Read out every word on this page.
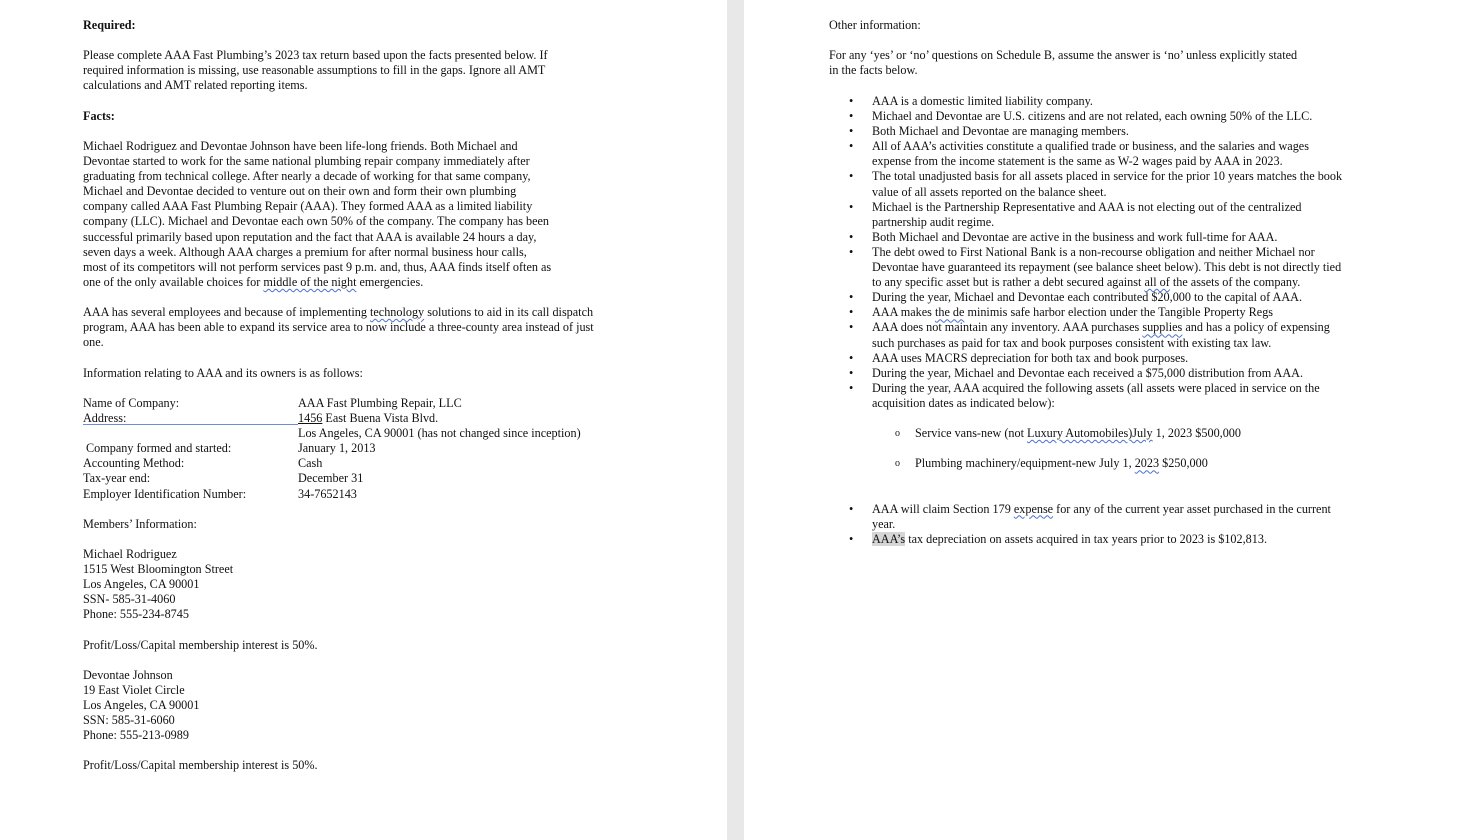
Required:
Please complete AAA Fast Plumbing’s 2023 tax return based upon the facts presented below. If
required information is missing, use reasonable assumptions to fill in the gaps. Ignore all AMT
calculations and AMT related reporting items.
Facts:
Michael Rodriguez and Devontae Johnson have been life-long friends. Both Michael and
Devontae started to work for the same national plumbing repair company immediately after
graduating from technical college. After nearly a decade of working for that same company,
Michael and Devontae decided to venture out on their own and form their own plumbing
company called AAA Fast Plumbing Repair (AAA). They formed AAA as a limited liability
company (LLC). Michael and Devontae each own 50% of the company. The company has been
successful primarily based upon reputation and the fact that AAA is available 24 hours a day,
seven days a week. Although AAA charges a premium for after normal business hour calls,
most of its competitors will not perform services past 9 p.m. and, thus, AAA finds itself often as
one of the only available choices for middle of the night emergencies.
AAA has several employees and because of implementing technology solutions to aid in its call dispatch
program, AAA has been able to expand its service area to now include a three-county area instead of just
one.
Information relating to AAA and its owners is as follows:
Name of Company:	AAA Fast Plumbing Repair, LLC
Address:	1456 East Buena Vista Blvd.
Los Angeles, CA 90001 (has not changed since inception)
Company formed and started:	January 1, 2013
Accounting Method:	Cash
Tax-year end:	December 31
Employer Identification Number:	34-7652143
Members’ Information:
Michael Rodriguez
1515 West Bloomington Street
Los Angeles, CA 90001
SSN- 585-31-4060
Phone: 555-234-8745
Profit/Loss/Capital membership interest is 50%.
Devontae Johnson
19 East Violet Circle
Los Angeles, CA 90001
SSN: 585-31-6060
Phone: 555-213-0989
Profit/Loss/Capital membership interest is 50%.
Other information:
For any ‘yes’ or ‘no’ questions on Schedule B, assume the answer is ‘no’ unless explicitly stated
in the facts below.
• AAA is a domestic limited liability company.
• Michael and Devontae are U.S. citizens and are not related, each owning 50% of the LLC.
• Both Michael and Devontae are managing members.
• All of AAA’s activities constitute a qualified trade or business, and the salaries and wages
expense from the income statement is the same as W-2 wages paid by AAA in 2023.
• The total unadjusted basis for all assets placed in service for the prior 10 years matches the book
value of all assets reported on the balance sheet.
• Michael is the Partnership Representative and AAA is not electing out of the centralized
partnership audit regime.
• Both Michael and Devontae are active in the business and work full-time for AAA.
• The debt owed to First National Bank is a non-recourse obligation and neither Michael nor
Devontae have guaranteed its repayment (see balance sheet below). This debt is not directly tied
to any specific asset but is rather a debt secured against all of the assets of the company.
• During the year, Michael and Devontae each contributed $20,000 to the capital of AAA.
• AAA makes the de minimis safe harbor election under the Tangible Property Regs
• AAA does not maintain any inventory. AAA purchases supplies and has a policy of expensing
such purchases as paid for tax and book purposes consistent with existing tax law.
• AAA uses MACRS depreciation for both tax and book purposes.
• During the year, Michael and Devontae each received a $75,000 distribution from AAA.
• During the year, AAA acquired the following assets (all assets were placed in service on the
acquisition dates as indicated below):

o Service vans-new (not Luxury Automobiles)July 1, 2023 $500,000

o Plumbing machinery/equipment-new July 1, 2023 $250,000

• AAA will claim Section 179 expense for any of the current year asset purchased in the current
year.
• AAA’s tax depreciation on assets acquired in tax years prior to 2023 is $102,813.
